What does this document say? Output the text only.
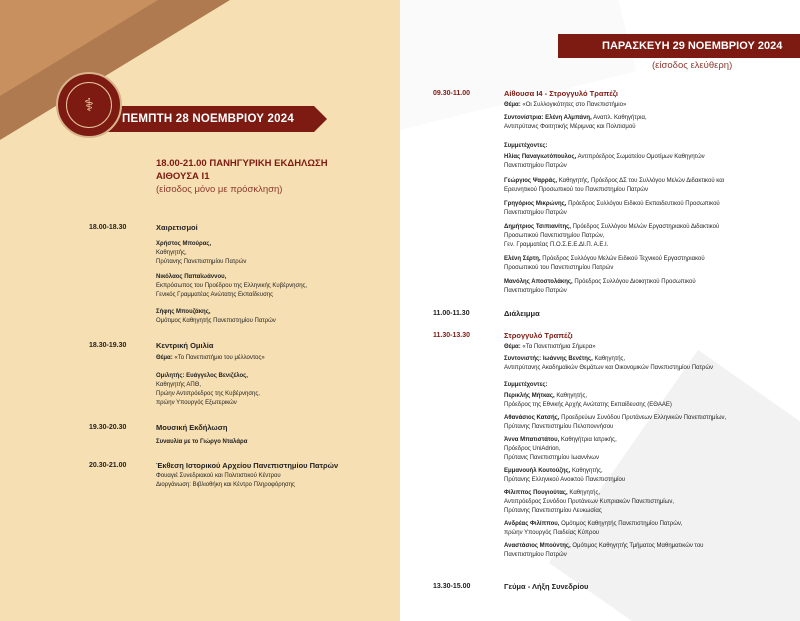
⚕
ΠΕΜΠΤΗ 28 ΝΟΕΜΒΡΙΟΥ 2024
18.00-21.00 ΠΑΝΗΓΥΡΙΚΗ ΕΚΔΗΛΩΣΗ
ΑΙΘΟΥΣΑ Ι1
(είσοδος μόνο με πρόσκληση)
18.00-18.30	Χαιρετισμοί
Χρήστος Μπούρας,
Καθηγητής,
Πρύτανης Πανεπιστημίου Πατρών
Νικόλαος Παπαϊωάννου,
Εκπρόσωπος του Προέδρου της Ελληνικής Κυβέρνησης,
Γενικός Γραμματέας Ανώτατης Εκπαίδευσης
Σήφης Μπουζάκης,
Ομότιμος Καθηγητής Πανεπιστημίου Πατρών
18.30-19.30	Κεντρική Ομιλία
Θέμα: «Το Πανεπιστήμιο του μέλλοντος»
Ομιλητής: Ευάγγελος Βενιζέλος,
Καθηγητής ΑΠΘ,
Πρώην Αντιπρόεδρος της Κυβέρνησης,
πρώην Υπουργός Εξωτερικών
19.30-20.30	Μουσική Εκδήλωση
Συναυλία με το Γιώργο Νταλάρα
20.30-21.00	Έκθεση Ιστορικού Αρχείου Πανεπιστημίου Πατρών
Φουαγιέ Συνεδριακού και Πολιτιστικού Κέντρου
Διοργάνωση: Βιβλιοθήκη και Κέντρο Πληροφόρησης
ΠΑΡΑΣΚΕΥΗ 29 ΝΟΕΜΒΡΙΟΥ 2024
(είσοδος ελεύθερη)
09.30-11.00	Αίθουσα Ι4 - Στρογγυλό Τραπέζι
Θέμα: «Οι Συλλογικότητες στο Πανεπιστήμιο»
Συντονίστρια: Ελένη Αλμπάνη, Αναπλ. Καθηγήτρια,
Αντιπρύτανις Φοιτητικής Μέριμνας και Πολιτισμού
Συμμετέχοντες:
Ηλίας Παναγιωτόπουλος, Αντιπρόεδρος Σωματείου Ομοτίμων Καθηγητών
Πανεπιστημίου Πατρών
Γεώργιος Ψαρράς, Καθηγητής, Πρόεδρος ΔΣ του Συλλόγου Μελών Διδακτικού και
Ερευνητικού Προσωπικού του Πανεπιστημίου Πατρών
Γρηγόριος Μικρώνης, Πρόεδρος Συλλόγου Ειδικού Εκπαιδευτικού Προσωπικού
Πανεπιστημίου Πατρών
Δημήτριος Τσιπιανίτης, Πρόεδρος Συλλόγου Μελών Εργαστηριακού Διδακτικού
Προσωπικού Πανεπιστημίου Πατρών,
Γεν. Γραμματέας Π.Ο.Σ.Ε.Ε.ΔΙ.Π. Α.Ε.Ι.
Ελένη Σέρτη, Πρόεδρος Συλλόγου Μελών Ειδικού Τεχνικού Εργαστηριακού
Προσωπικού του Πανεπιστημίου Πατρών
Μανόλης Αποστολάκης, Πρόεδρος Συλλόγου Διοικητικού Προσωπικού
Πανεπιστημίου Πατρών
11.00-11.30	Διάλειμμα
11.30-13.30	Στρογγυλό Τραπέζι
Θέμα: «Τα Πανεπιστήμια Σήμερα»
Συντονιστής: Ιωάννης Βενέτης, Καθηγητής,
Αντιπρύτανης Ακαδημαϊκών Θεμάτων και Οικονομικών Πανεπιστημίου Πατρών
Συμμετέχοντες:
Περικλής Μήτκας, Καθηγητής,
Πρόεδρος της Εθνικής Αρχής Ανώτατης Εκπαίδευσης (ΕΘΑΑΕ)
Αθανάσιος Κατσής, Προεδρεύων Συνόδου Πρυτάνεων Ελληνικών Πανεπιστημίων,
Πρύτανης Πανεπιστημίου Πελοποννήσου
Άννα Μπατιστάτου, Καθηγήτρια Ιατρικής,
Πρόεδρος UniAdrion,
Πρύτανις Πανεπιστημίου Ιωαννίνων
Εμμανουήλ Κουτούζης, Καθηγητής,
Πρύτανης Ελληνικού Ανοικτού Πανεπιστημίου
Φίλιππος Πουγιούτας, Καθηγητής,
Αντιπρόεδρος Συνόδου Πρυτάνεων Κυπριακών Πανεπιστημίων,
Πρύτανης Πανεπιστημίου Λευκωσίας
Ανδρέας Φιλίππου, Ομότιμος Καθηγητής Πανεπιστημίου Πατρών,
πρώην Υπουργός Παιδείας Κύπρου
Αναστάσιος Μπούντης, Ομότιμος Καθηγητής Τμήματος Μαθηματικών του
Πανεπιστημίου Πατρών
13.30-15.00	Γεύμα - Λήξη Συνεδρίου
